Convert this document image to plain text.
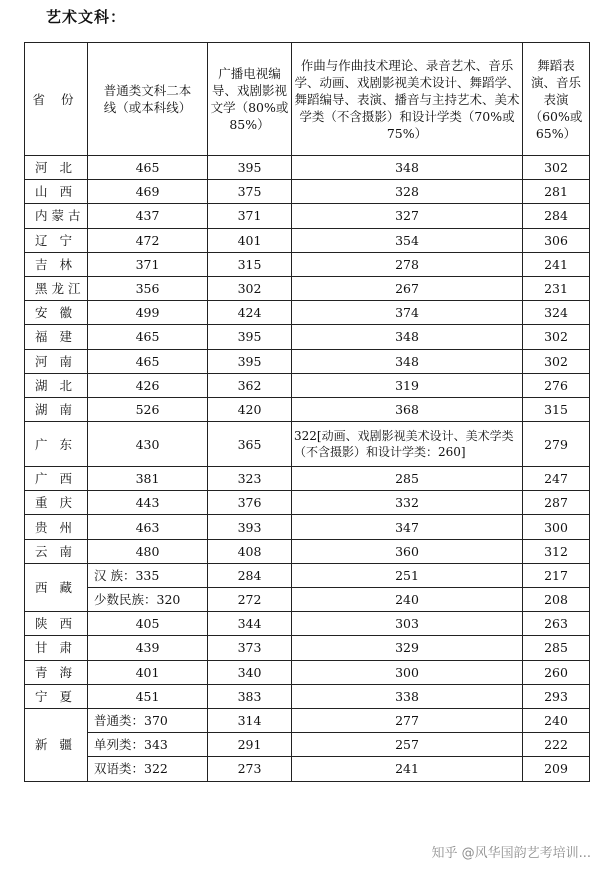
艺术文科：
省 份	普通类文科二本线（或本科线）	广播电视编导、戏剧影视文学（80%或85%）	作曲与作曲技术理论、录音艺术、音乐学、动画、戏剧影视美术设计、舞蹈学、舞蹈编导、表演、播音与主持艺术、美术学类（不含摄影）和设计学类（70%或75%）	舞蹈表演、音乐表演（60%或65%）
河北	465	395	348	302
山西	469	375	328	281
内蒙古	437	371	327	284
辽宁	472	401	354	306
吉林	371	315	278	241
黑龙江	356	302	267	231
安徽	499	424	374	324
福建	465	395	348	302
河南	465	395	348	302
湖北	426	362	319	276
湖南	526	420	368	315
广东	430	365	322[动画、戏剧影视美术设计、美术学类（不含摄影）和设计学类：260]	279
广西	381	323	285	247
重庆	443	376	332	287
贵州	463	393	347	300
云南	480	408	360	312
西藏	汉 族：335	284	251	217
	少数民族：320	272	240	208
陕西	405	344	303	263
甘肃	439	373	329	285
青海	401	340	300	260
宁夏	451	383	338	293
新疆	普通类：370	314	277	240
	单列类：343	291	257	222
	双语类：322	273	241	209
知乎 @风华国韵艺考培训...
